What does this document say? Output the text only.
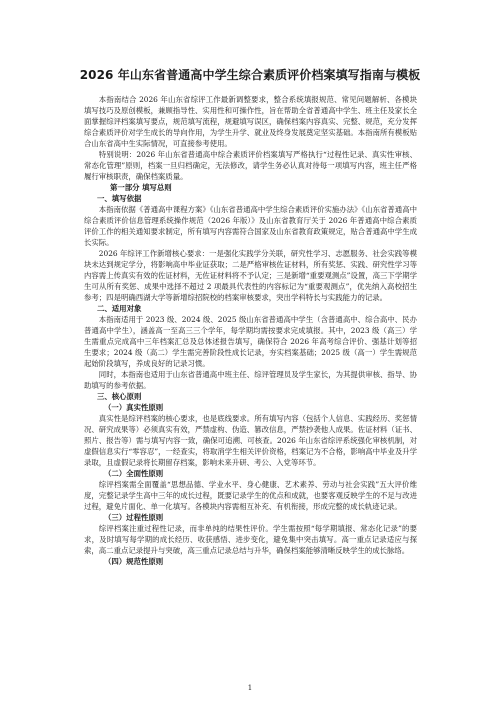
2026 年山东省普通高中学生综合素质评价档案填写指南与模板
本指南结合 2026 年山东省综评工作最新调整要求，整合系统填报规范、常见问题解析、各模块填写技巧及原创模板，兼顾指导性、实用性和可操作性，旨在帮助全省普通高中学生、班主任及家长全面掌握综评档案填写要点，规范填写流程，规避填写误区，确保档案内容真实、完整、规范，充分发挥综合素质评价对学生成长的导向作用，为学生升学、就业及终身发展奠定坚实基础。本指南所有模板贴合山东省高中生实际情况，可直接参考使用。
特别说明：2026 年山东省普通高中综合素质评价档案填写严格执行“过程性记录、真实性审核、常态化管理”原则，档案一旦归档确定，无法修改，请学生务必认真对待每一项填写内容，班主任严格履行审核职责，确保档案质量。
第一部分 填写总则
一、填写依据
本指南依据《普通高中课程方案》《山东省普通高中学生综合素质评价实施办法》《山东省普通高中综合素质评价信息管理系统操作规范（2026 年版）》及山东省教育厅关于 2026 年普通高中综合素质评价工作的相关通知要求制定，所有填写内容需符合国家及山东省教育政策规定，贴合普通高中学生成长实际。
2026 年综评工作新增核心要求：一是强化实践学分关联，研究性学习、志愿服务、社会实践等模块未达到规定学分，将影响高中毕业证获取；二是严格审核佐证材料，所有奖惩、实践、研究性学习等内容需上传真实有效的佐证材料，无佐证材料将不予认定；三是新增“重要观测点”设置，高三下学期学生可从所有奖惩、成果中选择不超过 2 项最具代表性的内容标记为“重要观测点”，优先纳入高校招生参考；四是明确西湖大学等新增综招院校的档案审核要求，突出学科特长与实践能力的记录。
二、适用对象
本指南适用于 2023 级、2024 级、2025 级山东省普通高中学生（含普通高中、综合高中、民办普通高中学生），涵盖高一至高三三个学年，每学期均需按要求完成填报。其中，2023 级（高三）学生需重点完成高中三年档案汇总及总体述报告填写，确保符合 2026 年高考综合评价、强基计划等招生要求；2024 级（高二）学生需完善阶段性成长记录，夯实档案基础；2025 级（高一）学生需规范起始阶段填写，养成良好的记录习惯。
同时，本指南也适用于山东省普通高中班主任、综评管理员及学生家长，为其提供审核、指导、协助填写的参考依据。
三、核心原则
（一）真实性原则
真实性是综评档案的核心要求，也是底线要求。所有填写内容（包括个人信息、实践经历、奖惩情况、研究成果等）必须真实有效，严禁虚构、伪造、篡改信息，严禁抄袭他人成果。佐证材料（证书、照片、报告等）需与填写内容一致，确保可追溯、可核查。2026 年山东省综评系统强化审核机制，对虚假信息实行“零容忍”，一经查实，将取消学生相关评价资格，档案记为不合格，影响高中毕业及升学录取，且虚假记录将长期留存档案，影响未来升研、考公、入党等环节。
（二）全面性原则
综评档案需全面覆盖“思想品德、学业水平、身心健康、艺术素养、劳动与社会实践”五大评价维度，完整记录学生高中三年的成长过程，既要记录学生的优点和成就，也要客观反映学生的不足与改进过程，避免片面化、单一化填写。各模块内容需相互补充、有机衔接，形成完整的成长轨迹记录。
（三）过程性原则
综评档案注重过程性记录，而非单纯的结果性评价。学生需按照“每学期填报、常态化记录”的要求，及时填写每学期的成长经历、收获感悟、进步变化，避免集中突击填写。高一重点记录适应与探索，高二重点记录提升与突破，高三重点记录总结与升华，确保档案能够清晰反映学生的成长脉络。
（四）规范性原则
1
